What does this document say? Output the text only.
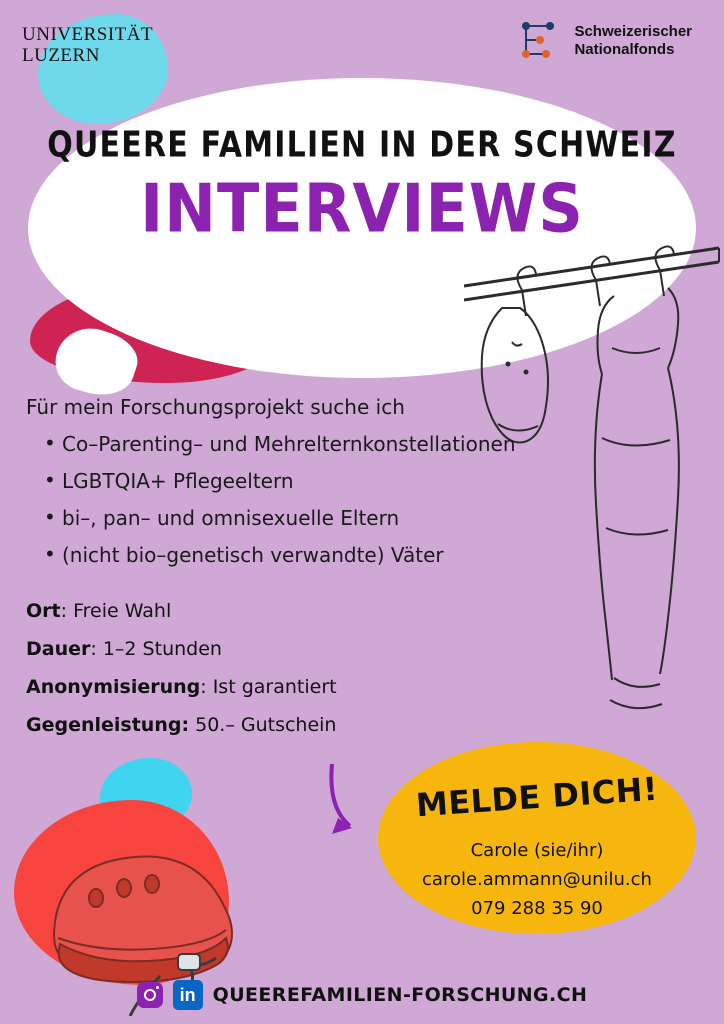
UNIVERSITÄT
LUZERN
Schweizerischer
Nationalfonds
QUEERE FAMILIEN IN DER SCHWEIZ
INTERVIEWS
Für mein Forschungsprojekt suche ich
• Co–Parenting– und Mehrelternkonstellationen
• LGBTQIA+ Pflegeeltern
• bi–, pan– und omnisexuelle Eltern
• (nicht bio–genetisch verwandte) Väter
Ort: Freie Wahl
Dauer: 1–2 Stunden
Anonymisierung: Ist garantiert
Gegenleistung: 50.– Gutschein
MELDE DICH!
Carole (sie/ihr)
carole.ammann@unilu.ch
079 288 35 90
in QUEEREFAMILIEN-FORSCHUNG.CH
